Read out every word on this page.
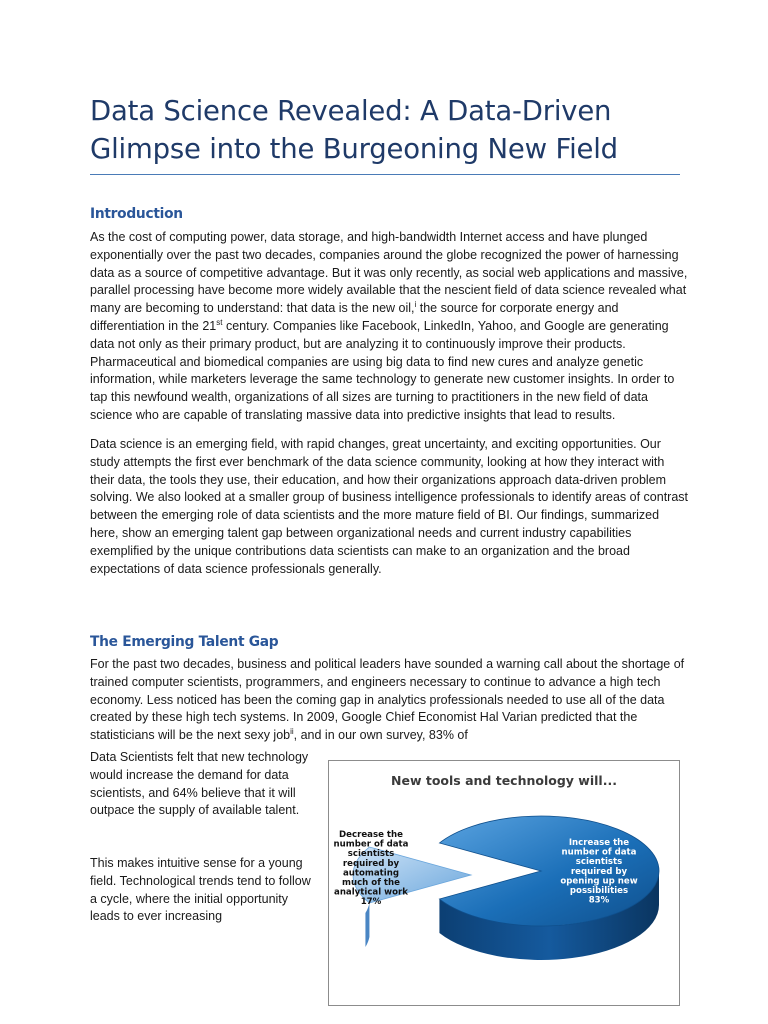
Data Science Revealed: A Data-Driven
Glimpse into the Burgeoning New Field
Introduction

As the cost of computing power, data storage, and high-bandwidth Internet access and have plunged exponentially over the past two decades, companies around the globe recognized the power of harnessing data as a source of competitive advantage. But it was only recently, as social web applications and massive, parallel processing have become more widely available that the nescient field of data science revealed what many are becoming to understand: that data is the new oil,$^i$ the source for corporate energy and differentiation in the 21st century. Companies like Facebook, LinkedIn, Yahoo, and Google are generating data not only as their primary product, but are analyzing it to continuously improve their products. Pharmaceutical and biomedical companies are using big data to find new cures and analyze genetic information, while marketers leverage the same technology to generate new customer insights. In order to tap this newfound wealth, organizations of all sizes are turning to practitioners in the new field of data science who are capable of translating massive data into predictive insights that lead to results.

Data science is an emerging field, with rapid changes, great uncertainty, and exciting opportunities. Our study attempts the first ever benchmark of the data science community, looking at how they interact with their data, the tools they use, their education, and how their organizations approach data-driven problem solving. We also looked at a smaller group of business intelligence professionals to identify areas of contrast between the emerging role of data scientists and the more mature field of BI. Our findings, summarized here, show an emerging talent gap between organizational needs and current industry capabilities exemplified by the unique contributions data scientists can make to an organization and the broad expectations of data science professionals generally.

The Emerging Talent Gap

For the past two decades, business and political leaders have sounded a warning call about the shortage of trained computer scientists, programmers, and engineers necessary to continue to advance a high tech economy. Less noticed has been the coming gap in analytics professionals needed to use all of the data created by these high tech systems. In 2009, Google Chief Economist Hal Varian predicted that the statisticians will be the next sexy job$^{ii}$, and in our own survey, 83% of

Data Scientists felt that new technology would increase the demand for data scientists, and 64% believe that it will outpace the supply of available talent.

This makes intuitive sense for a young field. Technological trends tend to follow a cycle, where the initial opportunity leads to ever increasing

New tools and technology will...
Increase the number of data scientists required by opening up new possibilities 83%
Decrease the number of data scientists required by automating much of the analytical work 17%
